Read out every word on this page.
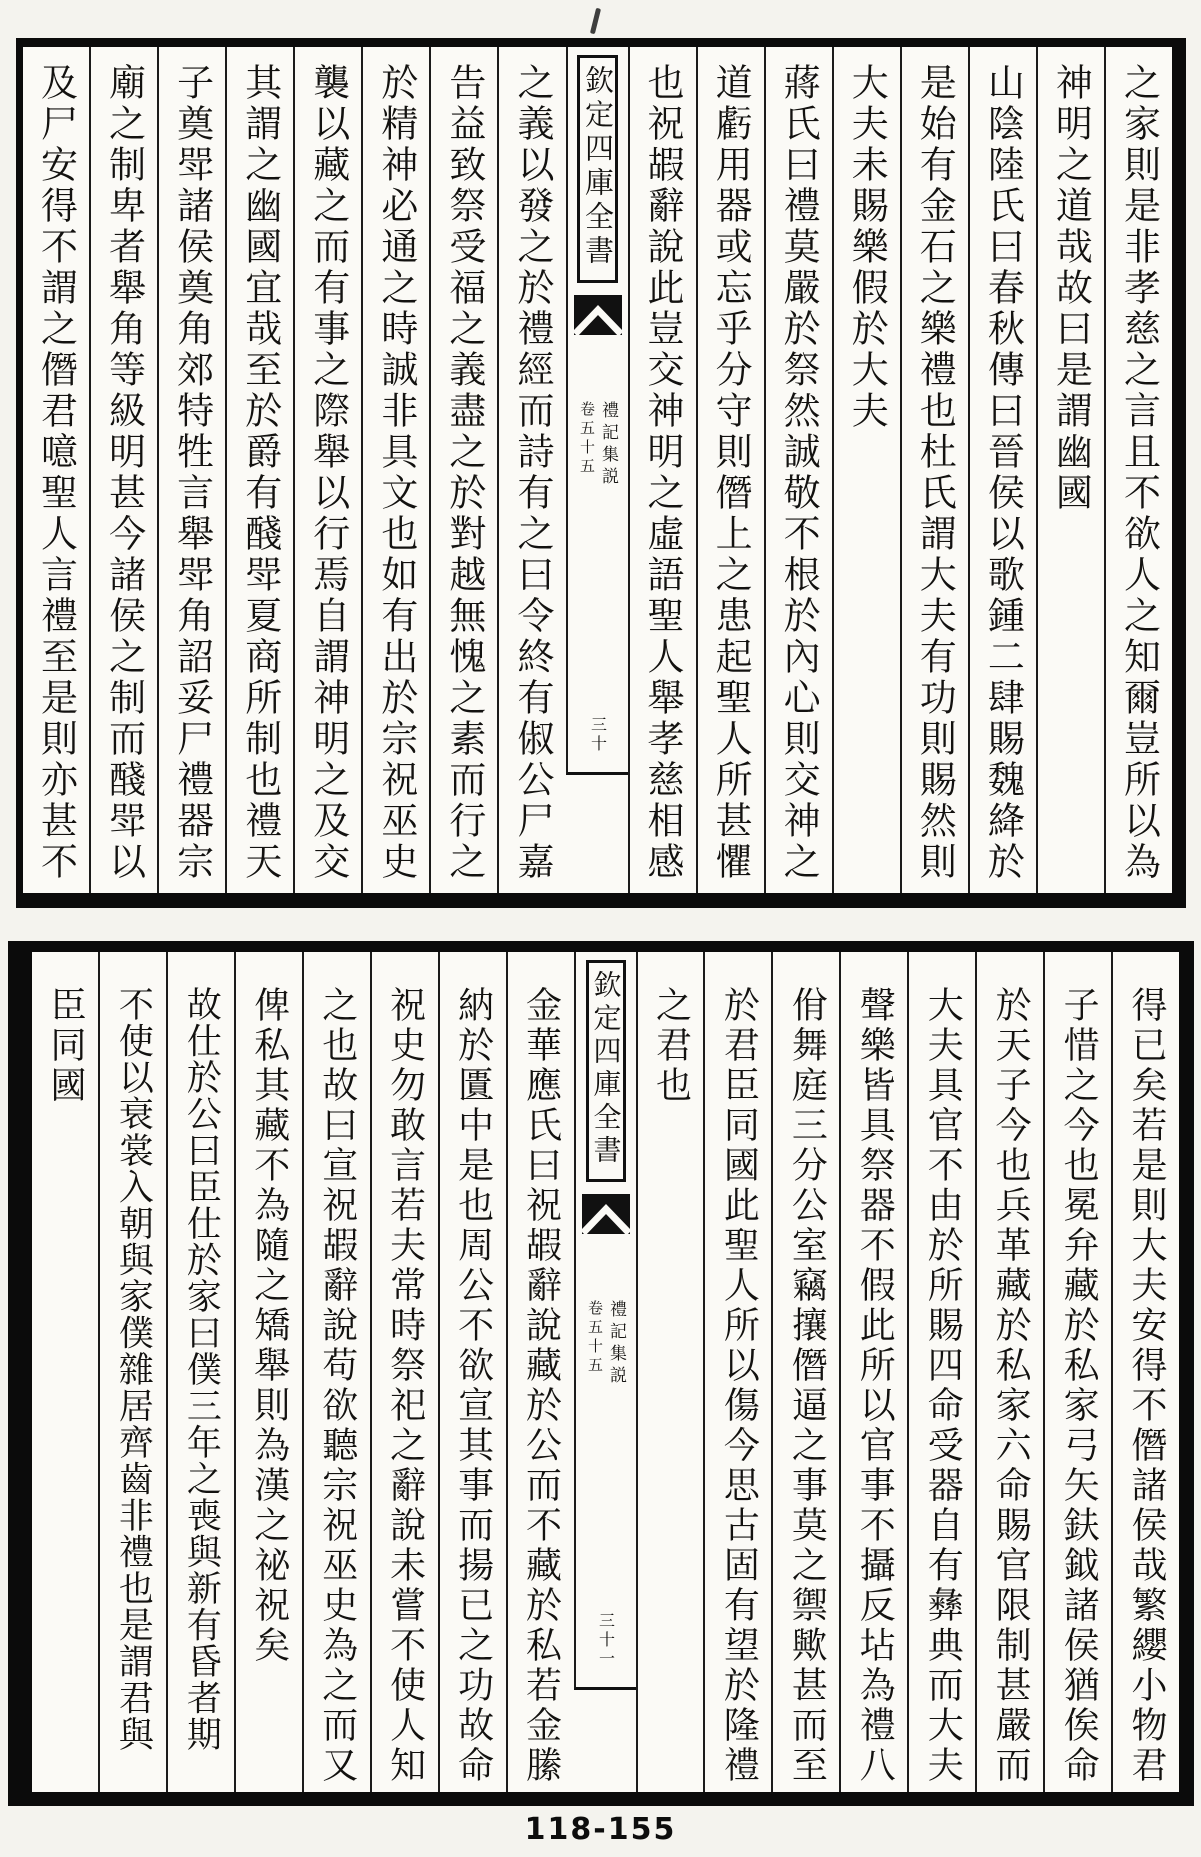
之家則是非孝慈之言且不欲人之知爾豈所以為
神明之道哉故曰是謂幽國
山陰陸氏曰春秋傳曰晉侯以歌鍾二肆賜魏絳於
是始有金石之樂禮也杜氏謂大夫有功則賜然則
大夫未賜樂假於大夫
蔣氏曰禮莫嚴於祭然誠敬不根於內心則交神之
道虧用器或忘乎分守則僭上之患起聖人所甚懼
也祝嘏辭說此豈交神明之虛語聖人舉孝慈相感
欽定四庫全書
卷五十五 禮記集説
三十
之義以發之於禮經而詩有之曰令終有俶公尸嘉
告益致祭受福之義盡之於對越無愧之素而行之
於精神必通之時誠非具文也如有出於宗祝巫史
襲以藏之而有事之際舉以行焉自謂神明之及交
其謂之幽國宜哉至於爵有醆斝夏商所制也禮天
子奠斝諸侯奠角郊特牲言舉斝角詔妥尸禮器宗
廟之制卑者舉角等級明甚今諸侯之制而醆斝以
及尸安得不謂之僭君噫聖人言禮至是則亦甚不
得已矣若是則大夫安得不僭諸侯哉繁纓小物君
子惜之今也冕弁藏於私家弓矢鈇鉞諸侯猶俟命
於天子今也兵革藏於私家六命賜官限制甚嚴而
大夫具官不由於所賜四命受器自有彝典而大夫
聲樂皆具祭器不假此所以官事不攝反坫為禮八
佾舞庭三分公室竊攘僭逼之事莫之禦歟甚而至
於君臣同國此聖人所以傷今思古固有望於隆禮
之君也
欽定四庫全書
卷五十五 禮記集説
三十一
金華應氏曰祝嘏辭說藏於公而不藏於私若金縢
納於匱中是也周公不欲宣其事而揚已之功故命
祝史勿敢言若夫常時祭祀之辭說未嘗不使人知
之也故曰宣祝嘏辭說苟欲聽宗祝巫史為之而又
俾私其藏不為隨之矯舉則為漢之祕祝矣
故仕於公曰臣仕於家曰僕三年之喪與新有昏者期
不使以衰裳入朝與家僕雜居齊齒非禮也是謂君與
臣同國
118-155
